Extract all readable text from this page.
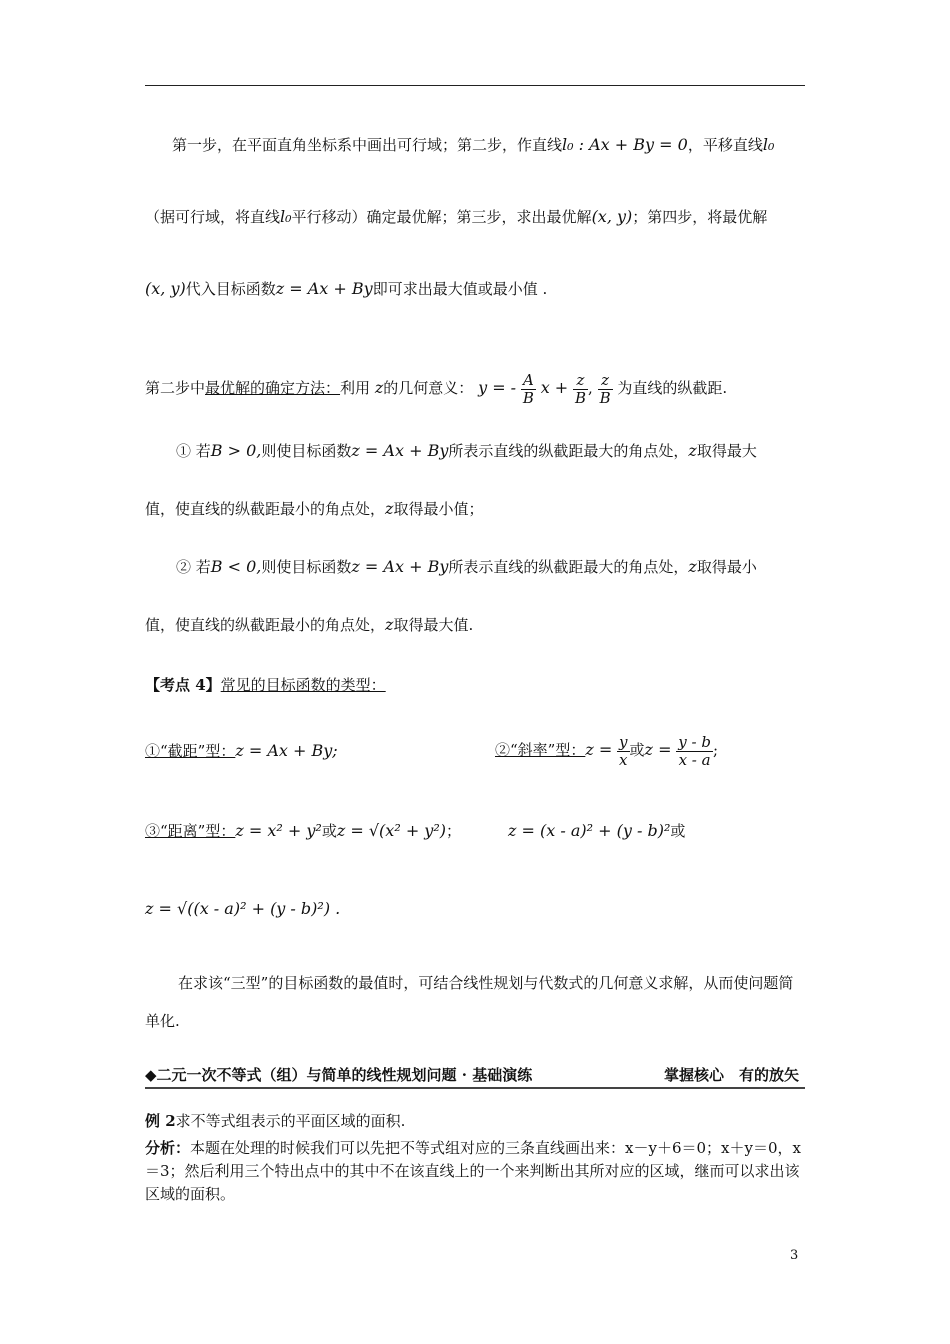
第一步，在平面直角坐标系中画出可行域；第二步，作直线l₀ : Ax + By = 0，平移直线l₀
（据可行域，将直线l₀平行移动）确定最优解；第三步，求出最优解(x, y)；第四步，将最优解
(x, y)代入目标函数z = Ax + By即可求出最大值或最小值 .
第二步中最优解的确定方法：利用 z的几何意义： y = - $\frac{A}{B}$ $x + \frac{z}{B}$ , $\frac{z}{B}$ 为直线的纵截距.
① 若B > 0,则使目标函数z = Ax + By所表示直线的纵截距最大的角点处，z取得最大
值，使直线的纵截距最小的角点处，z取得最小值；
② 若B < 0,则使目标函数z = Ax + By所表示直线的纵截距最大的角点处，z取得最小
值，使直线的纵截距最小的角点处，z取得最大值.
【考点 4】常见的目标函数的类型：
①“截距”型：z = Ax + By;	②“斜率”型：$z = \frac{y}{x}$ 或$z = \frac{y - b}{x - a}$ ;
③“距离”型：z = x² + y²或z = √(x² + y²)；	z = (x - a)² + (y - b)²或
z = √((x - a)² + (y - b)²) .
在求该“三型”的目标函数的最值时，可结合线性规划与代数式的几何意义求解，从而使问题简单化.
◆二元一次不等式（组）与简单的线性规划问题 · 基础演练	掌握核心　有的放矢
例 2求不等式组表示的平面区域的面积.
分析：本题在处理的时候我们可以先把不等式组对应的三条直线画出来：x－y＋6＝0；x＋y＝0，x＝3；然后利用三个特出点中的其中不在该直线上的一个来判断出其所对应的区域，继而可以求出该区域的面积。
3
